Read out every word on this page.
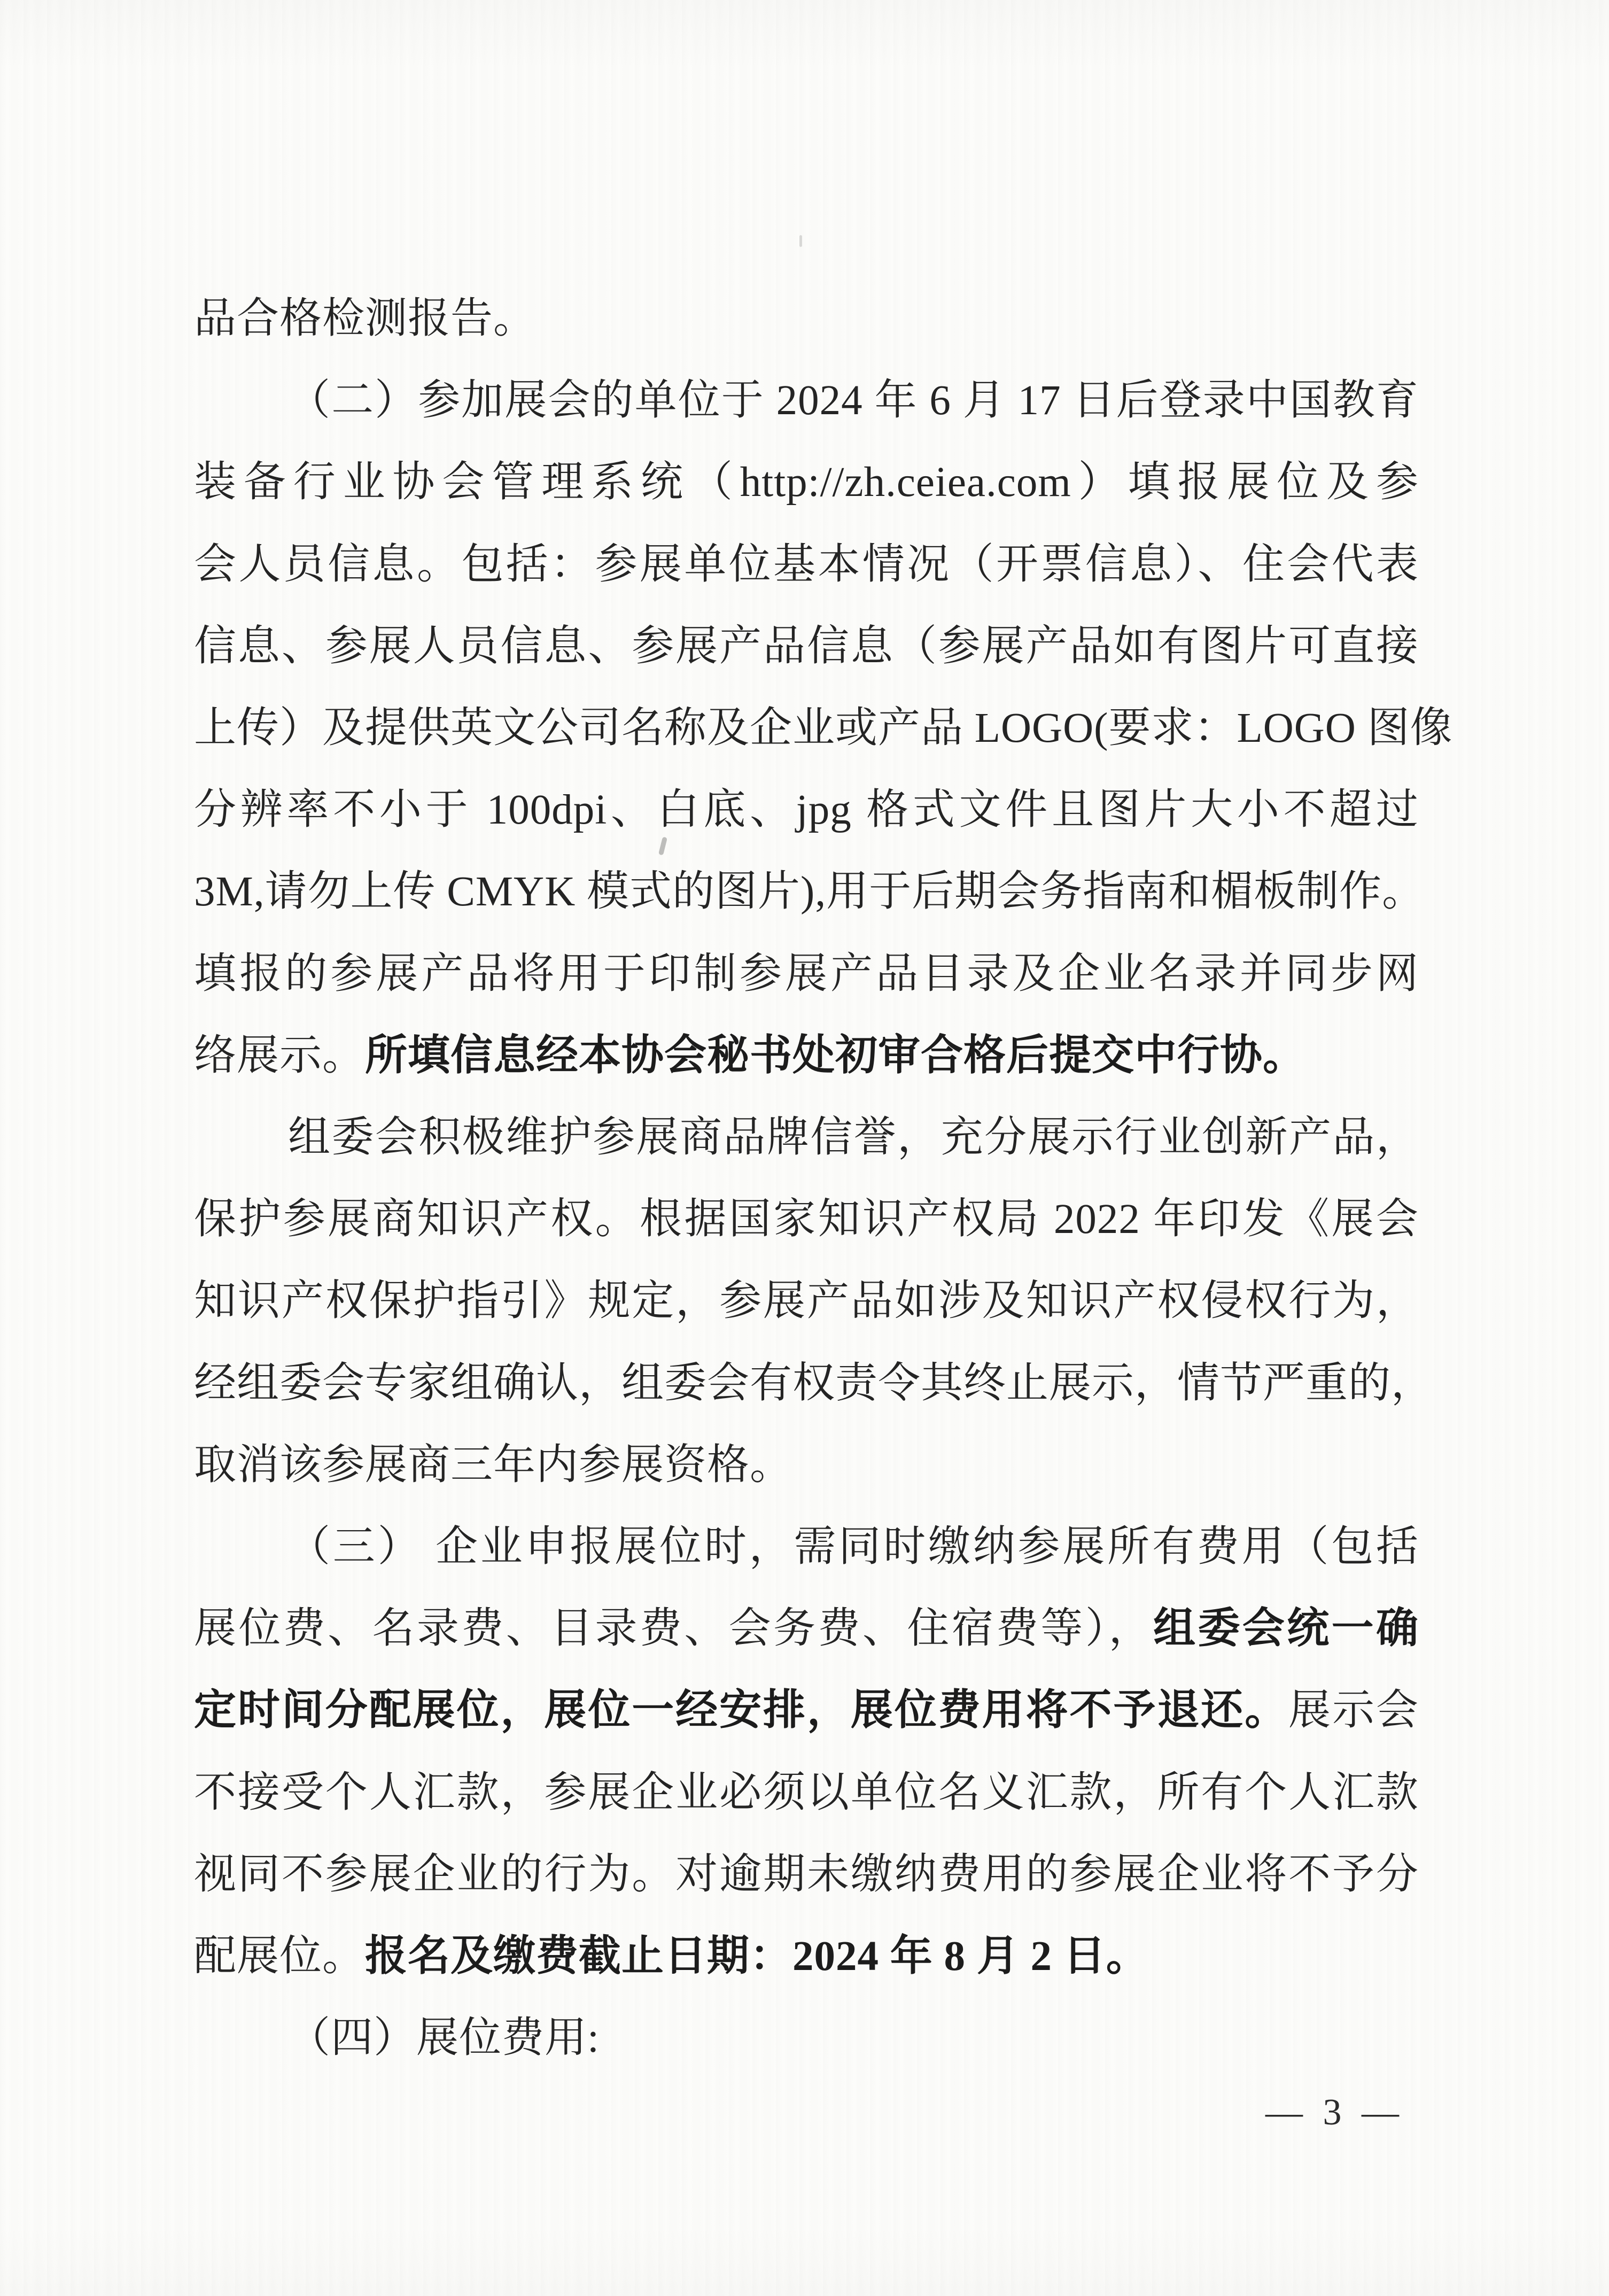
品合格检测报告。
（二）参加展会的单位于 2024 年 6 月 17 日后登录中国教育
装备行业协会管理系统（http://zh.ceiea.com）填报展位及参
会人员信息。包括：参展单位基本情况（开票信息）、住会代表
信息、参展人员信息、参展产品信息（参展产品如有图片可直接
上传）及提供英文公司名称及企业或产品 LOGO(要求：LOGO 图像
分辨率不小于 100dpi、白底、jpg 格式文件且图片大小不超过
3M,请勿上传 CMYK 模式的图片),用于后期会务指南和楣板制作。
填报的参展产品将用于印制参展产品目录及企业名录并同步网
络展示。所填信息经本协会秘书处初审合格后提交中行协。
组委会积极维护参展商品牌信誉，充分展示行业创新产品，
保护参展商知识产权。根据国家知识产权局 2022 年印发《展会
知识产权保护指引》规定，参展产品如涉及知识产权侵权行为，
经组委会专家组确认，组委会有权责令其终止展示，情节严重的，
取消该参展商三年内参展资格。
（三） 企业申报展位时，需同时缴纳参展所有费用（包括
展位费、名录费、目录费、会务费、住宿费等），组委会统一确
定时间分配展位，展位一经安排，展位费用将不予退还。展示会
不接受个人汇款，参展企业必须以单位名义汇款，所有个人汇款
视同不参展企业的行为。对逾期未缴纳费用的参展企业将不予分
配展位。报名及缴费截止日期：2024 年 8 月 2 日。
（四）展位费用:
— 3 —
